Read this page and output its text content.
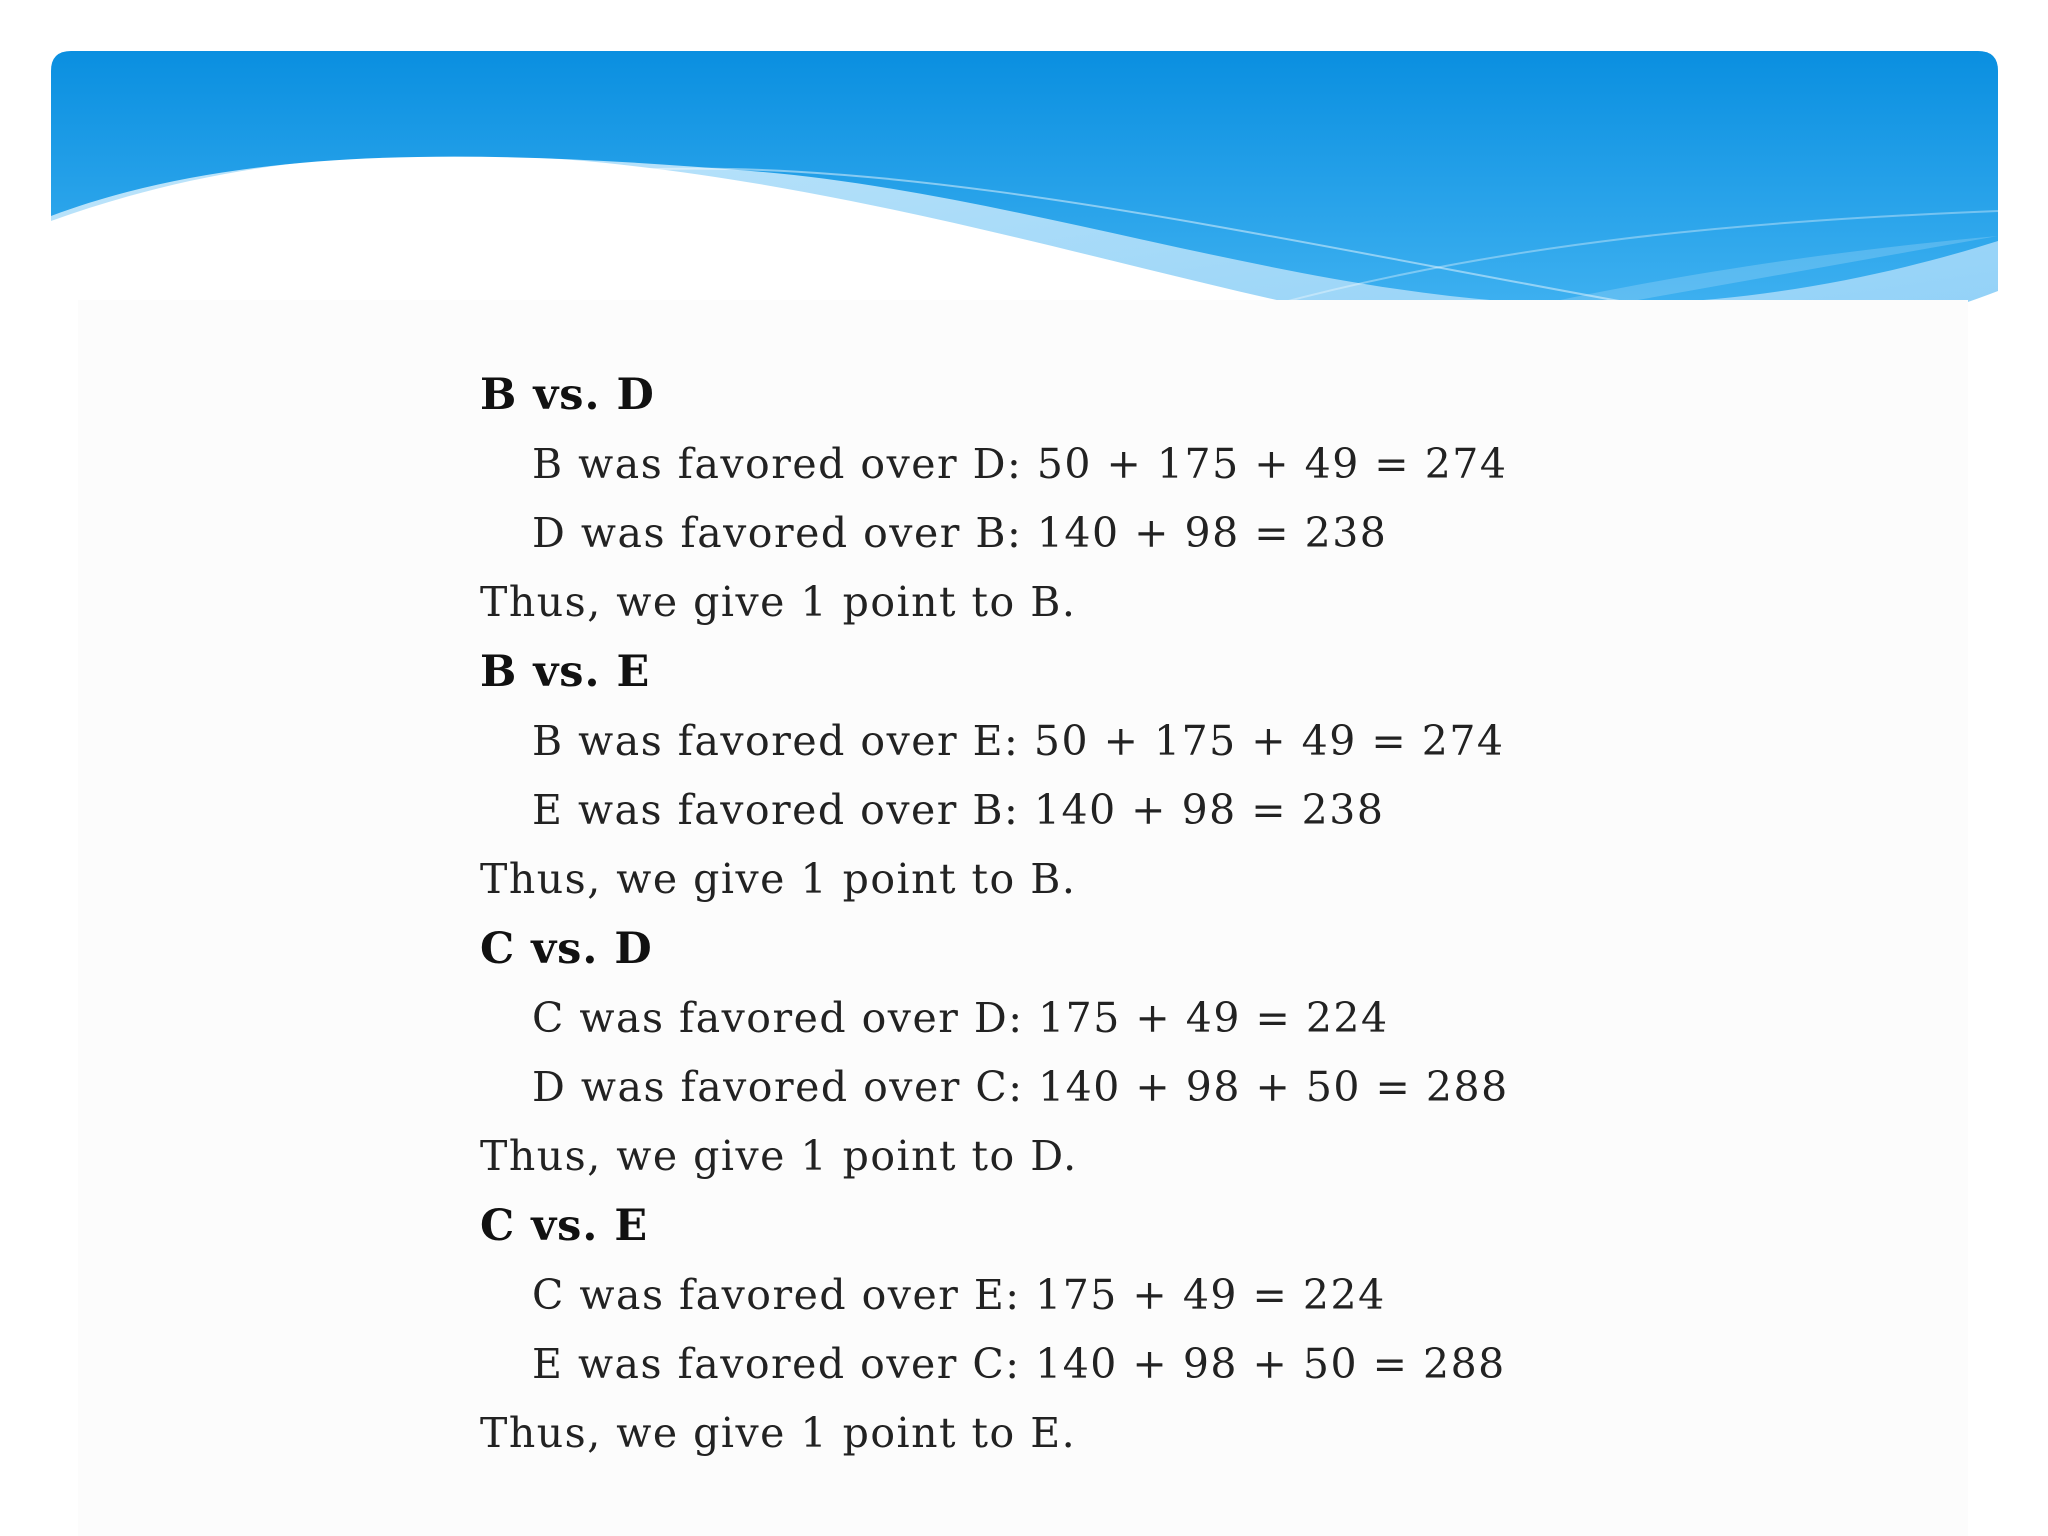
B vs. D
B was favored over D: 50 + 175 + 49 = 274
D was favored over B: 140 + 98 = 238
Thus, we give 1 point to B.
B vs. E
B was favored over E: 50 + 175 + 49 = 274
E was favored over B: 140 + 98 = 238
Thus, we give 1 point to B.
C vs. D
C was favored over D: 175 + 49 = 224
D was favored over C: 140 + 98 + 50 = 288
Thus, we give 1 point to D.
C vs. E
C was favored over E: 175 + 49 = 224
E was favored over C: 140 + 98 + 50 = 288
Thus, we give 1 point to E.
